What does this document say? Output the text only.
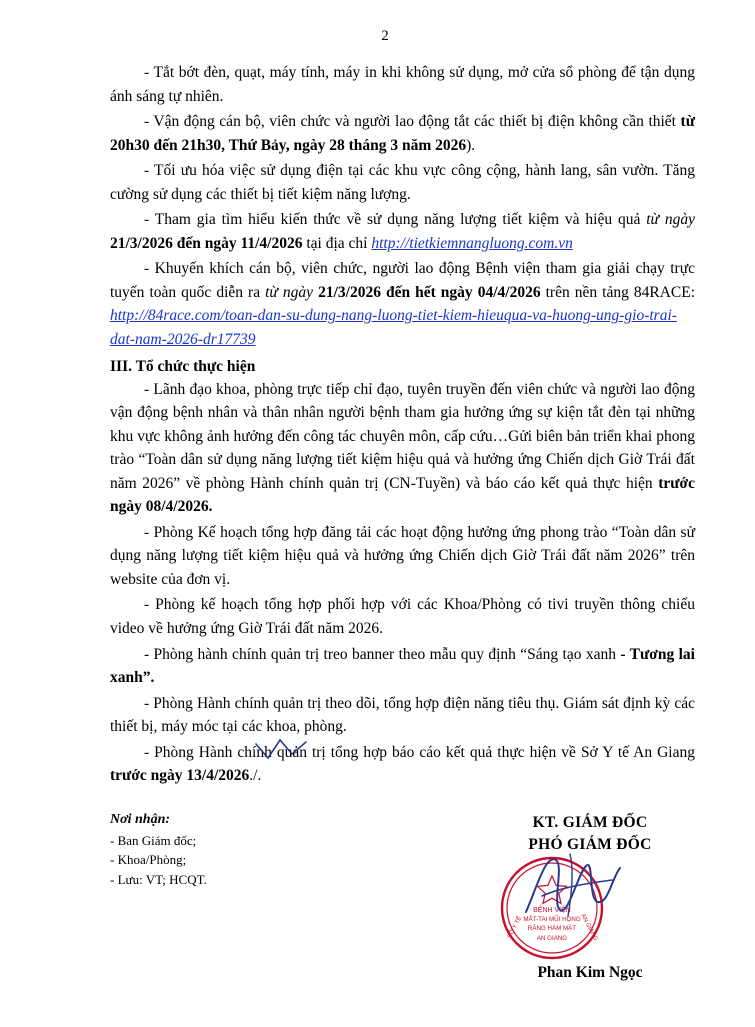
2

- Tắt bớt đèn, quạt, máy tính, máy in khi không sử dụng, mở cửa sổ phòng để tận dụng ánh sáng tự nhiên.

- Vận động cán bộ, viên chức và người lao động tắt các thiết bị điện không cần thiết từ 20h30 đến 21h30, Thứ Bảy, ngày 28 tháng 3 năm 2026).

- Tối ưu hóa việc sử dụng điện tại các khu vực công cộng, hành lang, sân vườn. Tăng cường sử dụng các thiết bị tiết kiệm năng lượng.

- Tham gia tìm hiểu kiến thức về sử dụng năng lượng tiết kiệm và hiệu quả từ ngày 21/3/2026 đến ngày 11/4/2026 tại địa chỉ http://tietkiemnangluong.com.vn

- Khuyến khích cán bộ, viên chức, người lao động Bệnh viện tham gia giải chạy trực tuyến toàn quốc diễn ra từ ngày 21/3/2026 đến hết ngày 04/4/2026 trên nền tảng 84RACE: http://84race.com/toan-dan-su-dung-nang-luong-tiet-kiem-hieuqua-va-huong-ung-gio-trai-dat-nam-2026-dr17739

III. Tổ chức thực hiện

- Lãnh đạo khoa, phòng trực tiếp chỉ đạo, tuyên truyền đến viên chức và người lao động vận động bệnh nhân và thân nhân người bệnh tham gia hưởng ứng sự kiện tắt đèn tại những khu vực không ảnh hưởng đến công tác chuyên môn, cấp cứu…Gửi biên bản triển khai phong trào “Toàn dân sử dụng năng lượng tiết kiệm hiệu quả và hưởng ứng Chiến dịch Giờ Trái đất năm 2026” về phòng Hành chính quản trị (CN-Tuyền) và báo cáo kết quả thực hiện trước ngày 08/4/2026.

- Phòng Kế hoạch tổng hợp đăng tải các hoạt động hưởng ứng phong trào “Toàn dân sử dụng năng lượng tiết kiệm hiệu quả và hưởng ứng Chiến dịch Giờ Trái đất năm 2026” trên website của đơn vị.

- Phòng kế hoạch tổng hợp phối hợp với các Khoa/Phòng có tivi truyền thông chiếu video về hưởng ứng Giờ Trái đất năm 2026.

- Phòng hành chính quản trị treo banner theo mẫu quy định “Sáng tạo xanh - Tương lai xanh”.

- Phòng Hành chính quản trị theo dõi, tổng hợp điện năng tiêu thụ. Giám sát định kỳ các thiết bị, máy móc tại các khoa, phòng.

- Phòng Hành chính quản trị tổng hợp báo cáo kết quả thực hiện về Sở Y tế An Giang trước ngày 13/4/2026./.

Nơi nhận:
- Ban Giám đốc;
- Khoa/Phòng;
- Lưu: VT; HCQT.
KT. GIÁM ĐỐC
PHÓ GIÁM ĐỐC
BỆNH VIỆN
MẮT-TAI MŨI HỌNG
RĂNG HÀM MẶT
AN GIANG
SỞ Y TẾ	AN GIANG
Phan Kim Ngọc
